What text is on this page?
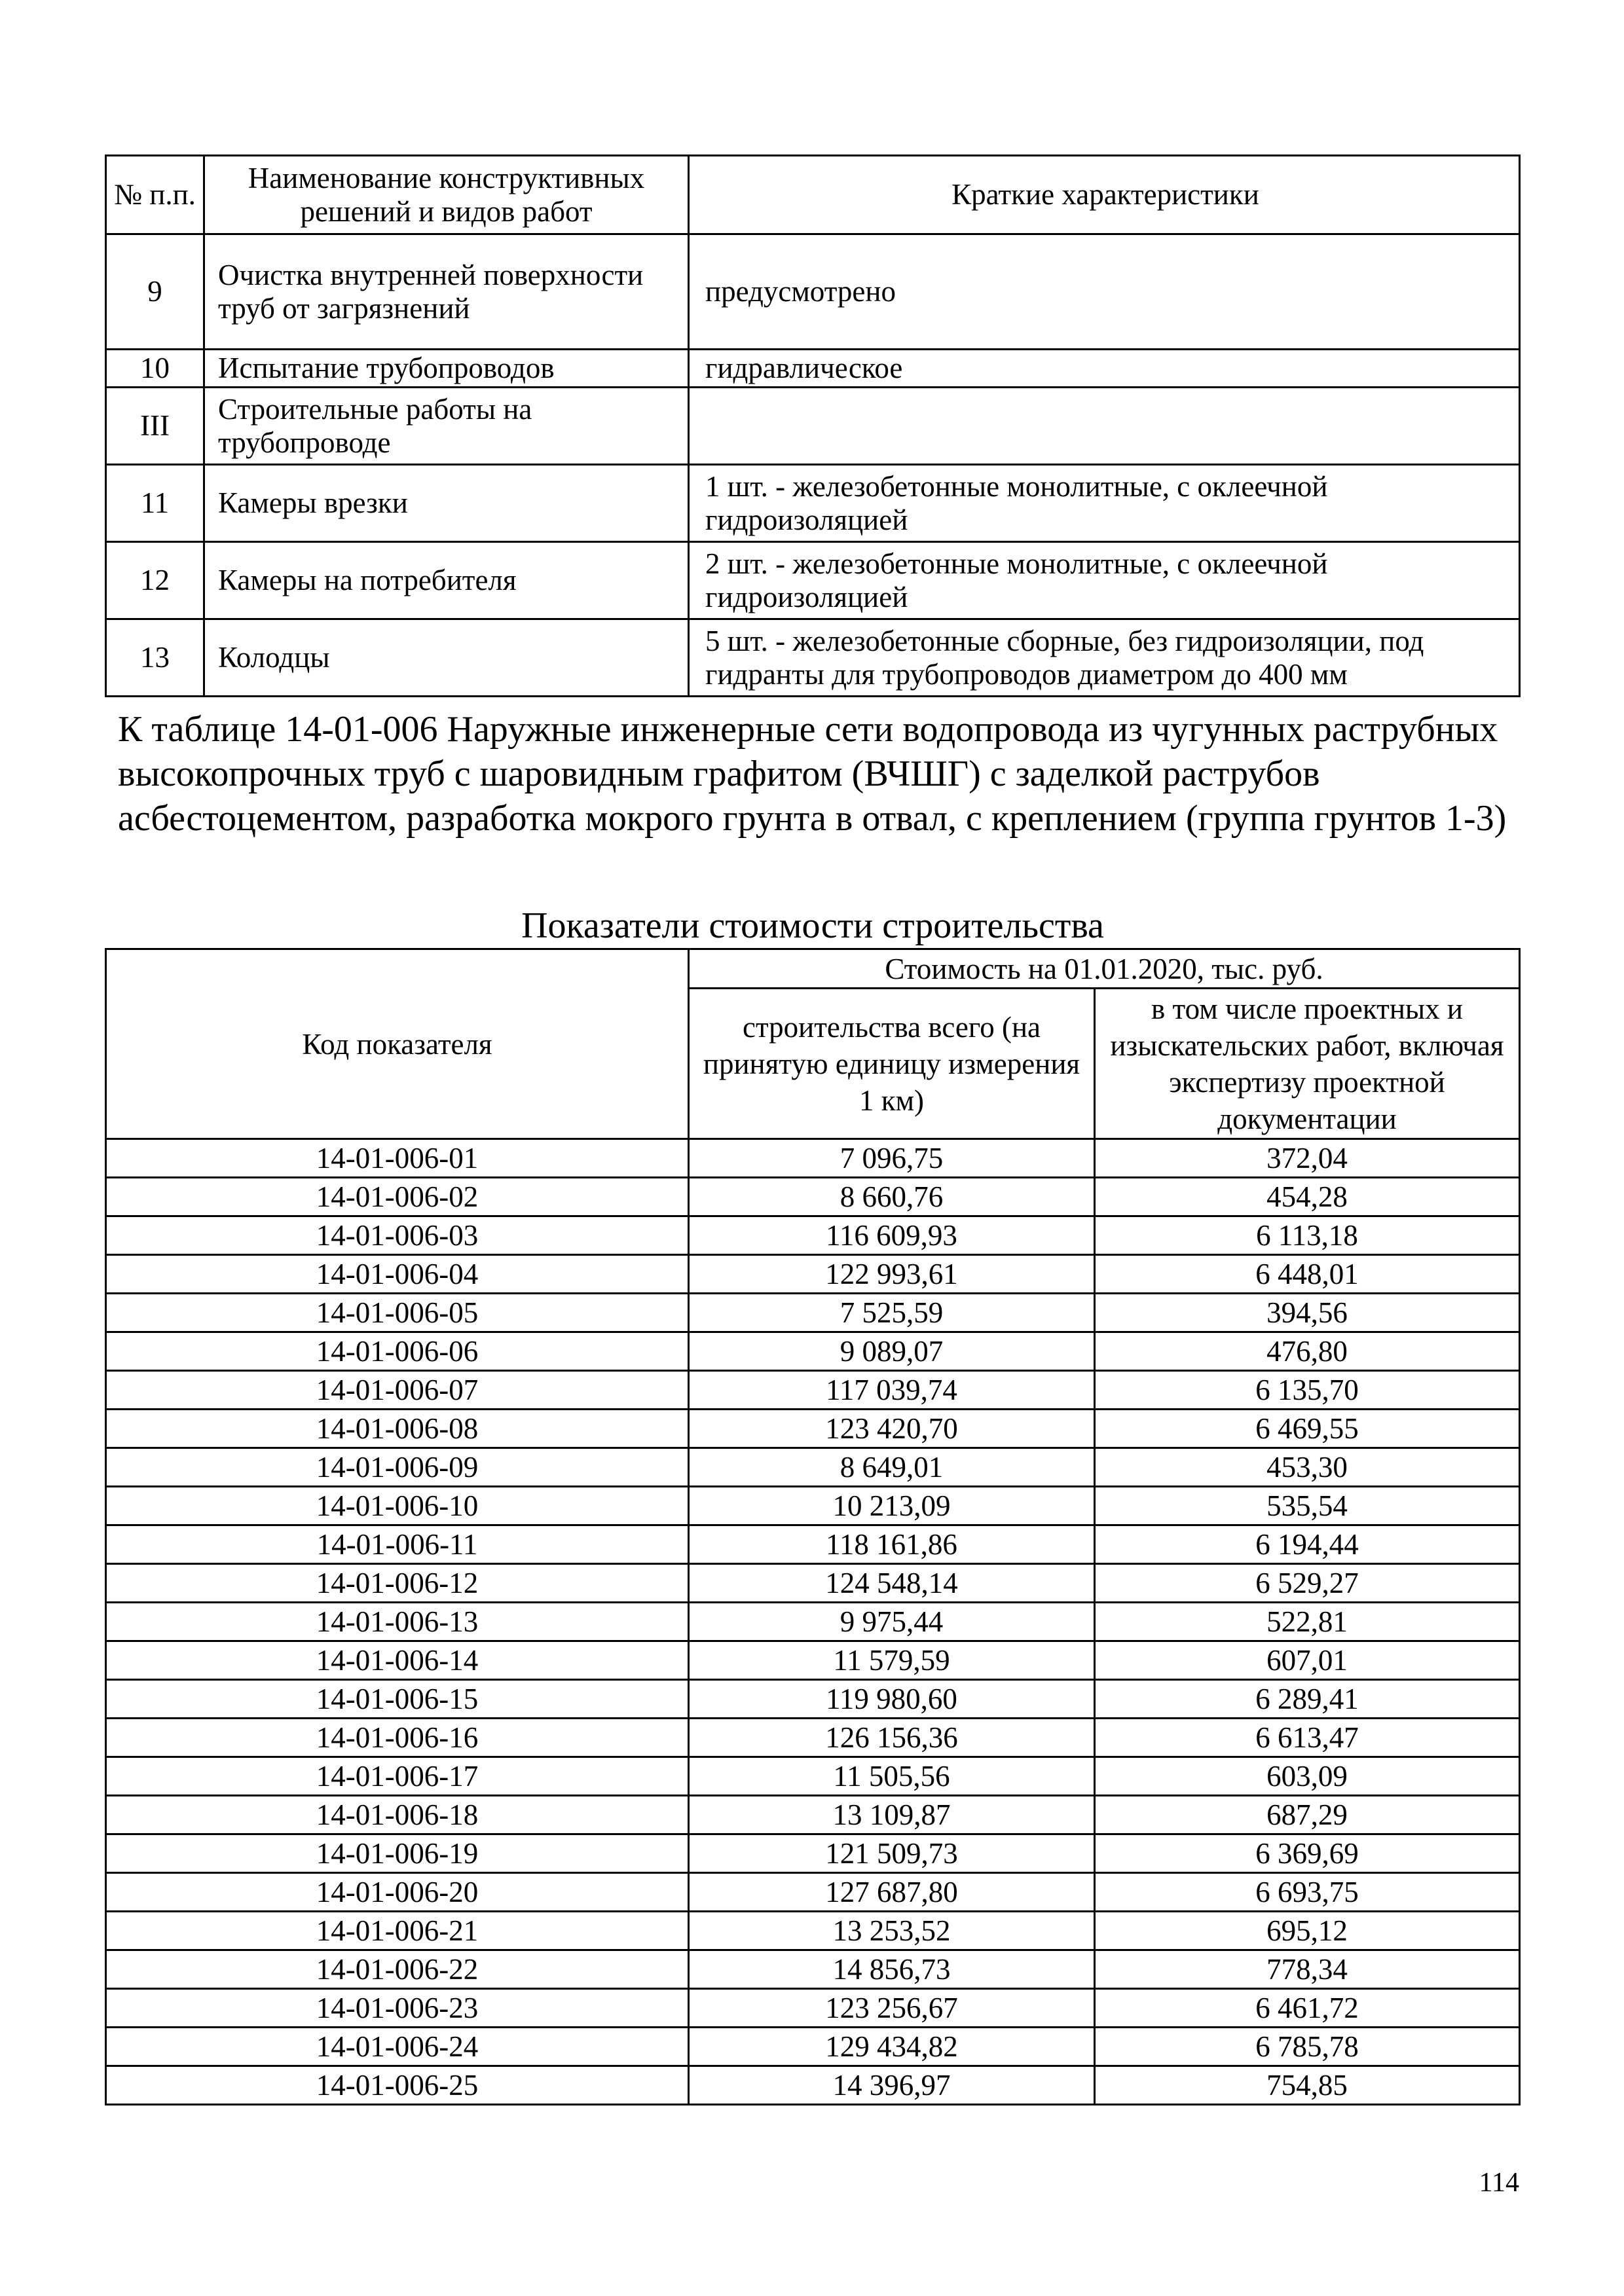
№ п.п.	Наименование конструктивных решений и видов работ	Краткие характеристики
9	Очистка внутренней поверхности труб от загрязнений	предусмотрено
10	Испытание трубопроводов	гидравлическое
III	Строительные работы на трубопроводе	
11	Камеры врезки	1 шт. - железобетонные монолитные, с оклеечной гидроизоляцией
12	Камеры на потребителя	2 шт. - железобетонные монолитные, с оклеечной гидроизоляцией
13	Колодцы	5 шт. - железобетонные сборные, без гидроизоляции, под гидранты для трубопроводов диаметром до 400 мм

К таблице 14-01-006 Наружные инженерные сети водопровода из чугунных раструбных высокопрочных труб с шаровидным графитом (ВЧШГ) с заделкой раструбов асбестоцементом, разработка мокрого грунта в отвал, с креплением (группа грунтов 1-3)

Показатели стоимости строительства
Код показателя	Стоимость на 01.01.2020, тыс. руб.	
	строительства всего (на принятую единицу измерения 1 км)	в том числе проектных и изыскательских работ, включая экспертизу проектной документации
14-01-006-01	7 096,75	372,04
14-01-006-02	8 660,76	454,28
14-01-006-03	116 609,93	6 113,18
14-01-006-04	122 993,61	6 448,01
14-01-006-05	7 525,59	394,56
14-01-006-06	9 089,07	476,80
14-01-006-07	117 039,74	6 135,70
14-01-006-08	123 420,70	6 469,55
14-01-006-09	8 649,01	453,30
14-01-006-10	10 213,09	535,54
14-01-006-11	118 161,86	6 194,44
14-01-006-12	124 548,14	6 529,27
14-01-006-13	9 975,44	522,81
14-01-006-14	11 579,59	607,01
14-01-006-15	119 980,60	6 289,41
14-01-006-16	126 156,36	6 613,47
14-01-006-17	11 505,56	603,09
14-01-006-18	13 109,87	687,29
14-01-006-19	121 509,73	6 369,69
14-01-006-20	127 687,80	6 693,75
14-01-006-21	13 253,52	695,12
14-01-006-22	14 856,73	778,34
14-01-006-23	123 256,67	6 461,72
14-01-006-24	129 434,82	6 785,78
14-01-006-25	14 396,97	754,85
114
